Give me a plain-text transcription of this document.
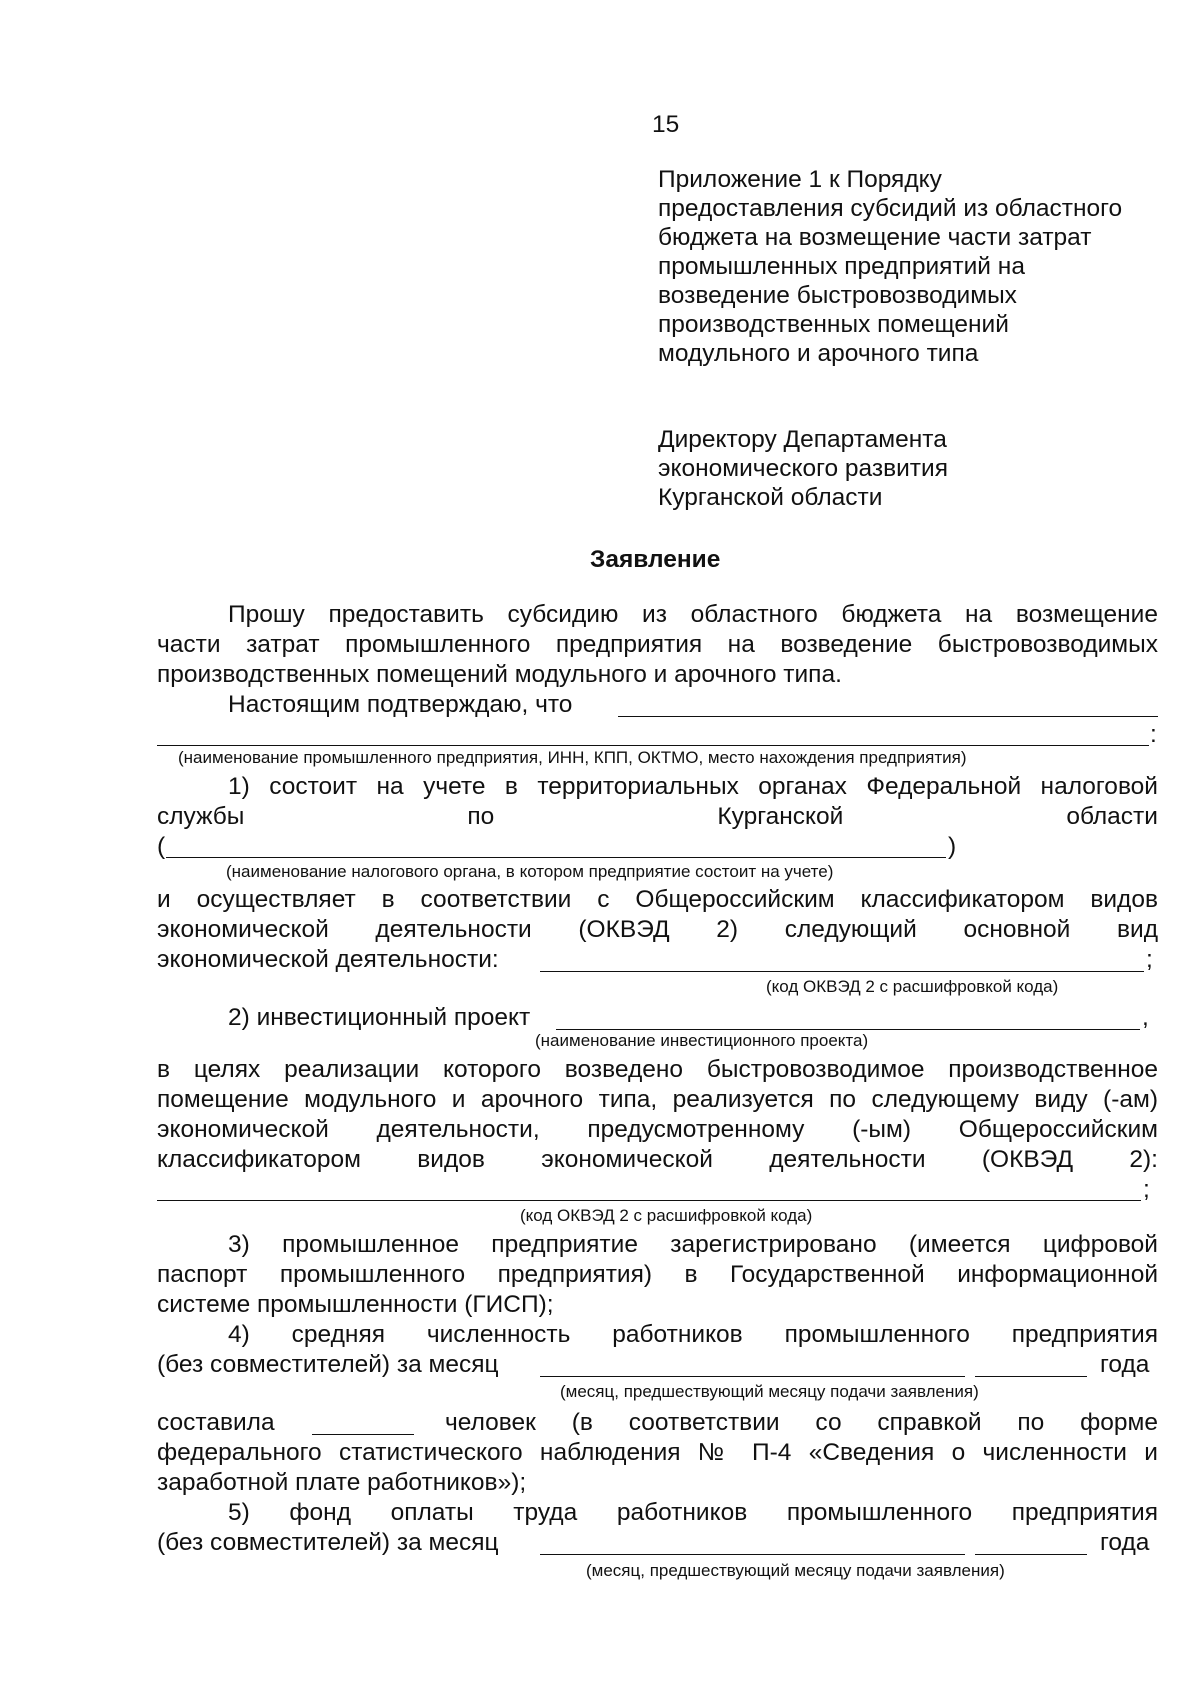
15
Приложение 1 к Порядку
предоставления субсидий из областного
бюджета на возмещение части затрат
промышленных предприятий на
возведение быстровозводимых
производственных помещений
модульного и арочного типа
Директору Департамента
экономического развития
Курганской области
Заявление
Прошу предоставить субсидию из областного бюджета на возмещение
части затрат промышленного предприятия на возведение быстровозводимых
производственных помещений модульного и арочного типа.
Настоящим подтверждаю, что
:
(наименование промышленного предприятия, ИНН, КПП, ОКТМО, место нахождения предприятия)
1) состоит на учете в территориальных органах Федеральной налоговой
службы	по	Курганской	области
(	)
(наименование налогового органа, в котором предприятие состоит на учете)
и осуществляет в соответствии с Общероссийским классификатором видов
экономической деятельности (ОКВЭД 2) следующий основной вид
экономической деятельности:	;
(код ОКВЭД 2 с расшифровкой кода)
2) инвестиционный проект	,
(наименование инвестиционного проекта)
в целях реализации которого возведено быстровозводимое производственное
помещение модульного и арочного типа, реализуется по следующему виду (-ам)
экономической деятельности, предусмотренному (-ым) Общероссийским
классификатором видов экономической деятельности (ОКВЭД 2):
;
(код ОКВЭД 2 с расшифровкой кода)
3) промышленное предприятие зарегистрировано (имеется цифровой
паспорт промышленного предприятия) в Государственной информационной
системе промышленности (ГИСП);
4) средняя численность работников промышленного предприятия
(без совместителей) за месяц	года
(месяц, предшествующий месяцу подачи заявления)
составила	человек (в соответствии со справкой по форме
федерального статистического наблюдения № П-4 «Сведения о численности и
заработной плате работников»);
5) фонд оплаты труда работников промышленного предприятия
(без совместителей) за месяц	года
(месяц, предшествующий месяцу подачи заявления)
